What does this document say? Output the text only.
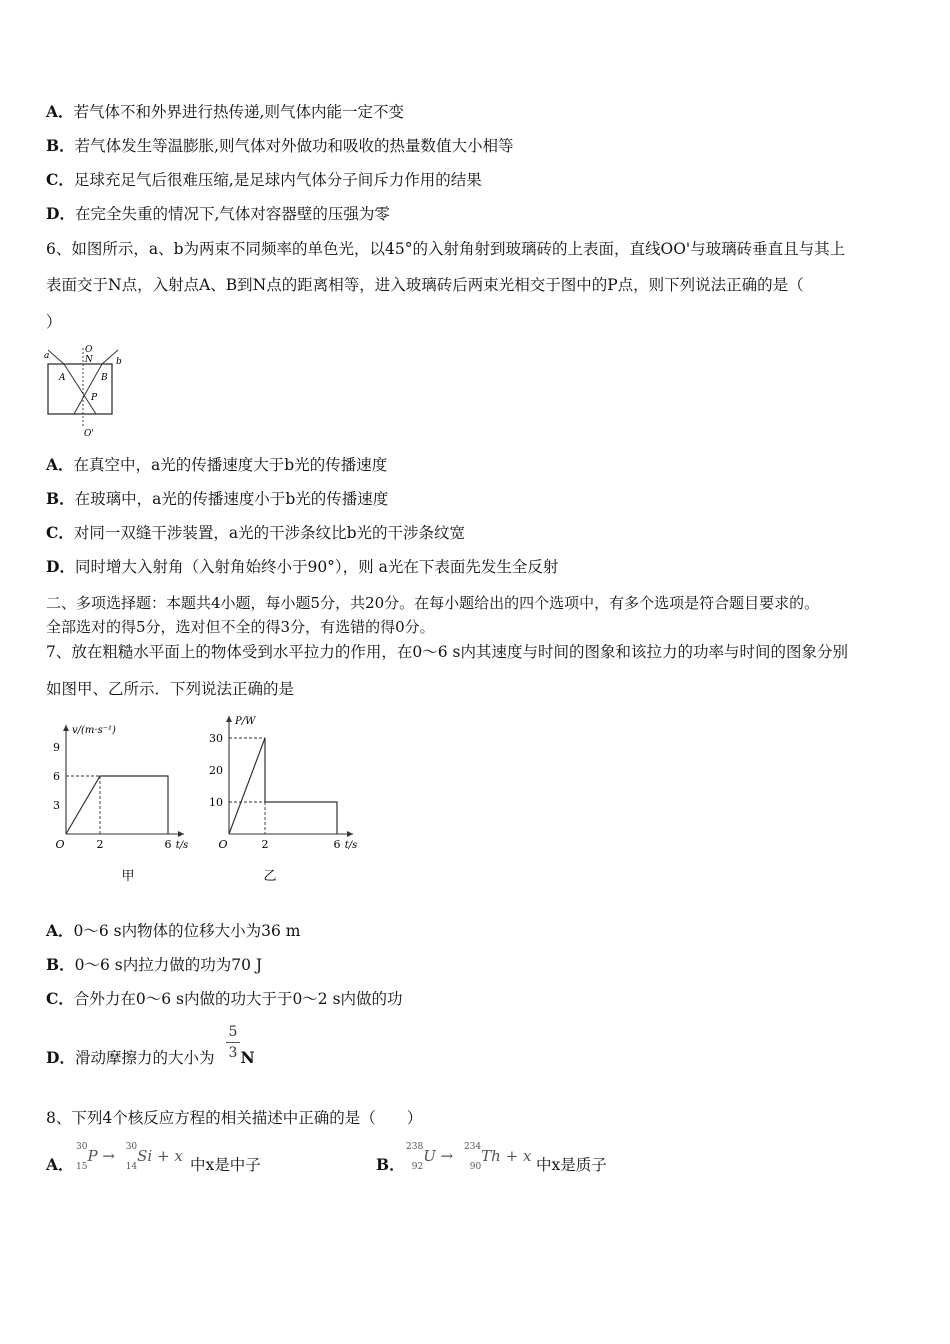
A．若气体不和外界进行热传递,则气体内能一定不变
B．若气体发生等温膨胀,则气体对外做功和吸收的热量数值大小相等
C．足球充足气后很难压缩,是足球内气体分子间斥力作用的结果
D．在完全失重的情况下,气体对容器壁的压强为零
6、如图所示，a、b为两束不同频率的单色光，以45°的入射角射到玻璃砖的上表面，直线OO'与玻璃砖垂直且与其上
表面交于N点，入射点A、B到N点的距离相等，进入玻璃砖后两束光相交于图中的P点，则下列说法正确的是（
）
a
b
O
N
A	B
P
O'
A．在真空中，a光的传播速度大于b光的传播速度
B．在玻璃中，a光的传播速度小于b光的传播速度
C．对同一双缝干涉装置，a光的干涉条纹比b光的干涉条纹宽
D．同时增大入射角（入射角始终小于90°），则 a光在下表面先发生全反射
二、多项选择题：本题共4小题，每小题5分，共20分。在每小题给出的四个选项中，有多个选项是符合题目要求的。
全部选对的得5分，选对但不全的得3分，有选错的得0分。
7、放在粗糙水平面上的物体受到水平拉力的作用，在0～6 s内其速度与时间的图象和该拉力的功率与时间的图象分别
如图甲、乙所示．下列说法正确的是
3
6
9
O	2	6 t/s
v/(m·s⁻¹)
甲
10
20
30
O	2	6 t/s
P/W
乙
A．0～6 s内物体的位移大小为36 m
B．0～6 s内拉力做的功为70 J
C．合外力在0～6 s内做的功大于于0～2 s内做的功
D．滑动摩擦力的大小为 N
5
3
8、下列4个核反应方程的相关描述中正确的是（　　）
A．
$^{30}$
$_{15}$P → $^{30}$
$_{14}$Si + x 中x是中子	B．
$^{238}$
$_{92}$U → $^{234}$
$_{90}$Th + x 中x是质子
